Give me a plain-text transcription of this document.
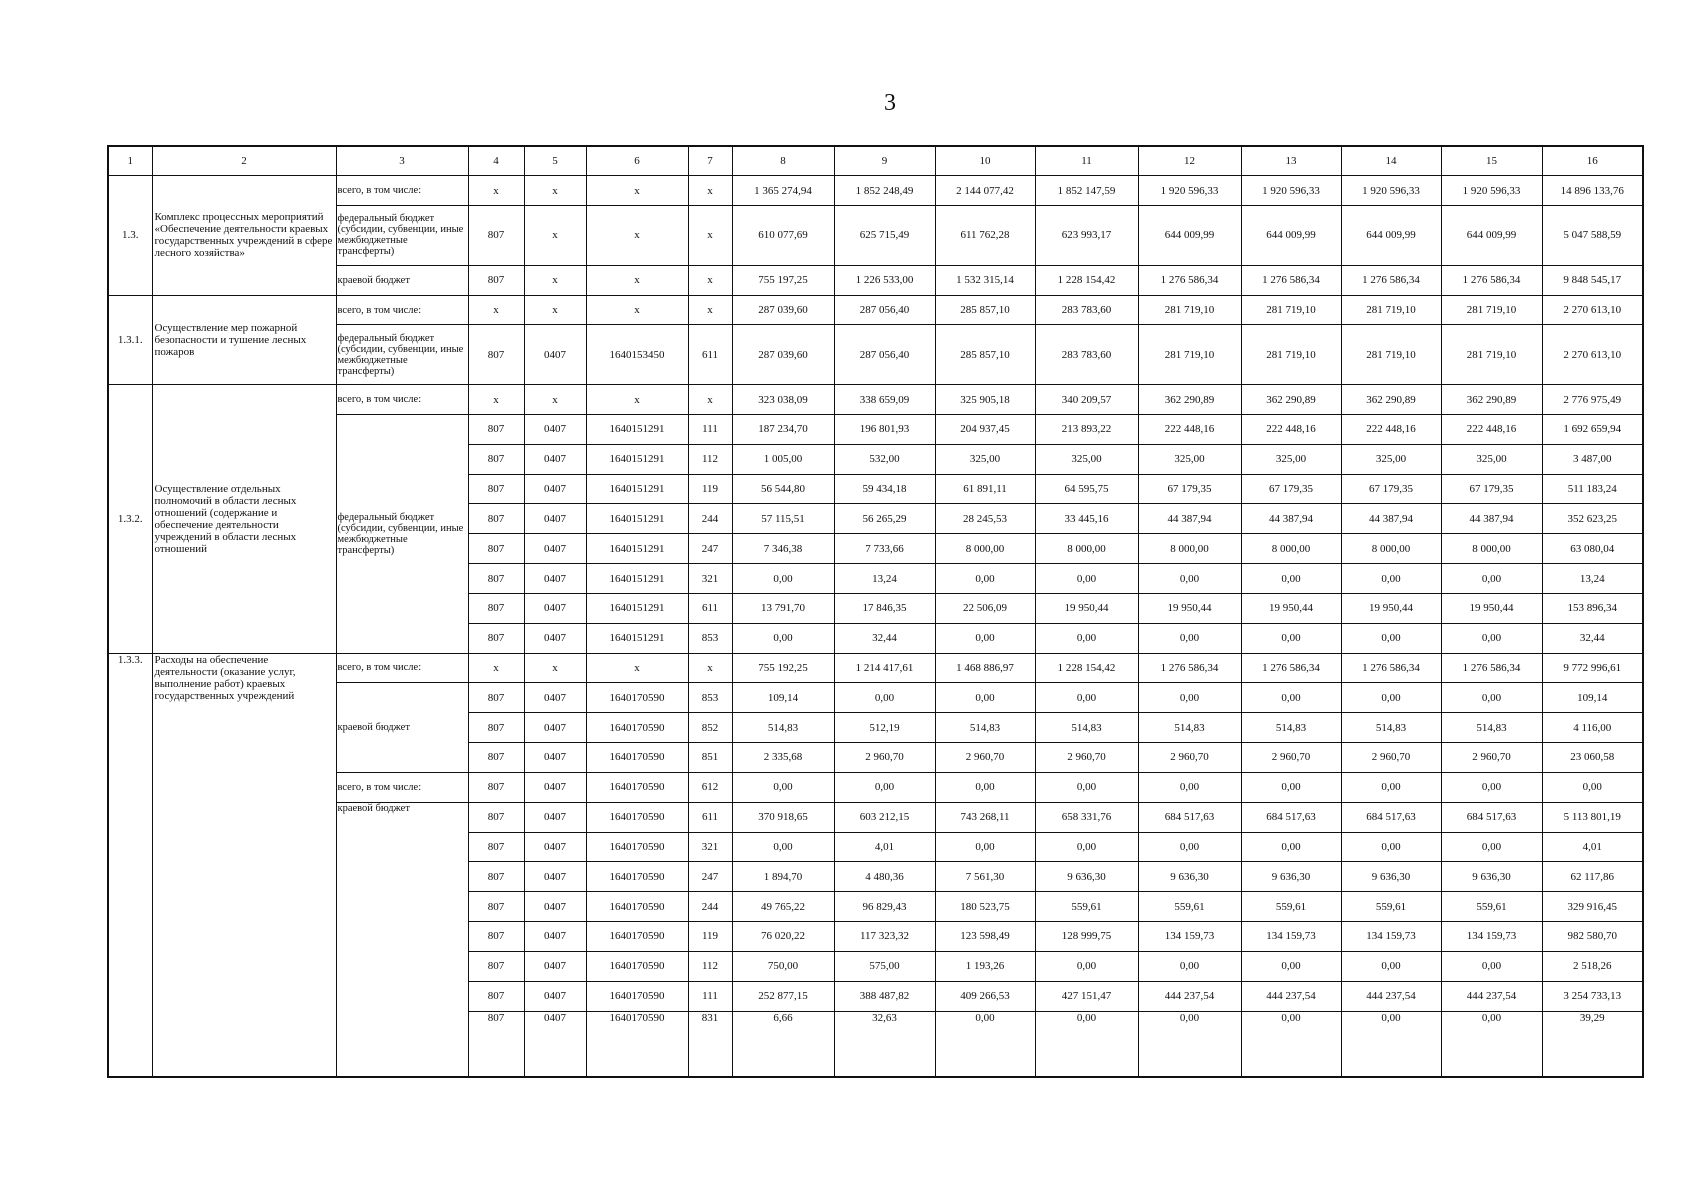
3
1	2	3	4	5	6	7	8	9	10	11	12	13	14	15	16
1.3.	Комплекс процессных мероприятий «Обеспечение деятельности краевых государственных учреждений в сфере лесного хозяйства»	всего, в том числе:	x	x	x	x	1 365 274,94	1 852 248,49	2 144 077,42	1 852 147,59	1 920 596,33	1 920 596,33	1 920 596,33	1 920 596,33	14 896 133,76
		федеральный бюджет (субсидии, субвенции, иные межбюджетные трансферты)	807	x	x	x	610 077,69	625 715,49	611 762,28	623 993,17	644 009,99	644 009,99	644 009,99	644 009,99	5 047 588,59
		краевой бюджет	807	x	x	x	755 197,25	1 226 533,00	1 532 315,14	1 228 154,42	1 276 586,34	1 276 586,34	1 276 586,34	1 276 586,34	9 848 545,17
1.3.1.	Осуществление мер пожарной безопасности и тушение лесных пожаров	всего, в том числе:	x	x	x	x	287 039,60	287 056,40	285 857,10	283 783,60	281 719,10	281 719,10	281 719,10	281 719,10	2 270 613,10
		федеральный бюджет (субсидии, субвенции, иные межбюджетные трансферты)	807	0407	1640153450	611	287 039,60	287 056,40	285 857,10	283 783,60	281 719,10	281 719,10	281 719,10	281 719,10	2 270 613,10
1.3.2.	Осуществление отдельных полномочий в области лесных отношений (содержание и обеспечение деятельности учреждений в области лесных отношений	всего, в том числе:	x	x	x	x	323 038,09	338 659,09	325 905,18	340 209,57	362 290,89	362 290,89	362 290,89	362 290,89	2 776 975,49
		федеральный бюджет (субсидии, субвенции, иные межбюджетные трансферты)	807	0407	1640151291	111	187 234,70	196 801,93	204 937,45	213 893,22	222 448,16	222 448,16	222 448,16	222 448,16	1 692 659,94
			807	0407	1640151291	112	1 005,00	532,00	325,00	325,00	325,00	325,00	325,00	325,00	3 487,00
			807	0407	1640151291	119	56 544,80	59 434,18	61 891,11	64 595,75	67 179,35	67 179,35	67 179,35	67 179,35	511 183,24
			807	0407	1640151291	244	57 115,51	56 265,29	28 245,53	33 445,16	44 387,94	44 387,94	44 387,94	44 387,94	352 623,25
			807	0407	1640151291	247	7 346,38	7 733,66	8 000,00	8 000,00	8 000,00	8 000,00	8 000,00	8 000,00	63 080,04
			807	0407	1640151291	321	0,00	13,24	0,00	0,00	0,00	0,00	0,00	0,00	13,24
			807	0407	1640151291	611	13 791,70	17 846,35	22 506,09	19 950,44	19 950,44	19 950,44	19 950,44	19 950,44	153 896,34
			807	0407	1640151291	853	0,00	32,44	0,00	0,00	0,00	0,00	0,00	0,00	32,44
1.3.3.	Расходы на обеспечение деятельности (оказание услуг, выполнение работ) краевых государственных учреждений	всего, в том числе:	x	x	x	x	755 192,25	1 214 417,61	1 468 886,97	1 228 154,42	1 276 586,34	1 276 586,34	1 276 586,34	1 276 586,34	9 772 996,61
		краевой бюджет	807	0407	1640170590	853	109,14	0,00	0,00	0,00	0,00	0,00	0,00	0,00	109,14
			807	0407	1640170590	852	514,83	512,19	514,83	514,83	514,83	514,83	514,83	514,83	4 116,00
			807	0407	1640170590	851	2 335,68	2 960,70	2 960,70	2 960,70	2 960,70	2 960,70	2 960,70	2 960,70	23 060,58
		всего, в том числе:	807	0407	1640170590	612	0,00	0,00	0,00	0,00	0,00	0,00	0,00	0,00	0,00
		краевой бюджет	807	0407	1640170590	611	370 918,65	603 212,15	743 268,11	658 331,76	684 517,63	684 517,63	684 517,63	684 517,63	5 113 801,19
			807	0407	1640170590	321	0,00	4,01	0,00	0,00	0,00	0,00	0,00	0,00	4,01
			807	0407	1640170590	247	1 894,70	4 480,36	7 561,30	9 636,30	9 636,30	9 636,30	9 636,30	9 636,30	62 117,86
			807	0407	1640170590	244	49 765,22	96 829,43	180 523,75	559,61	559,61	559,61	559,61	559,61	329 916,45
			807	0407	1640170590	119	76 020,22	117 323,32	123 598,49	128 999,75	134 159,73	134 159,73	134 159,73	134 159,73	982 580,70
			807	0407	1640170590	112	750,00	575,00	1 193,26	0,00	0,00	0,00	0,00	0,00	2 518,26
			807	0407	1640170590	111	252 877,15	388 487,82	409 266,53	427 151,47	444 237,54	444 237,54	444 237,54	444 237,54	3 254 733,13
			807	0407	1640170590	831	6,66	32,63	0,00	0,00	0,00	0,00	0,00	0,00	39,29
